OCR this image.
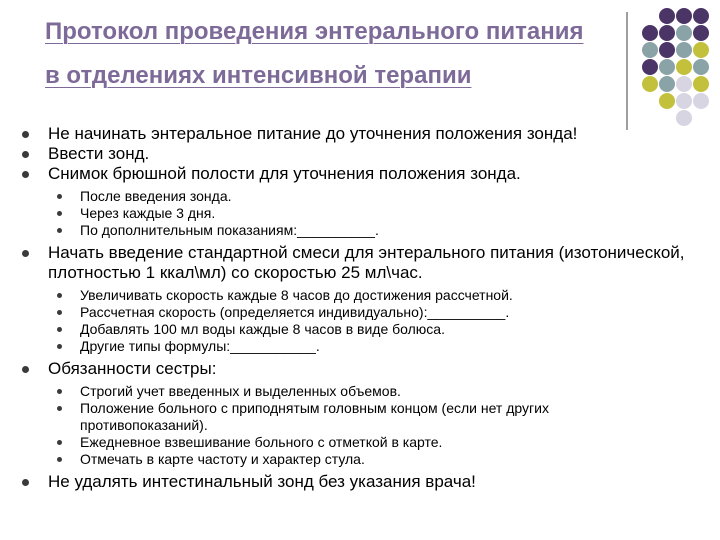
Протокол проведения энтерального питания в отделениях интенсивной терапии

Не начинать энтеральное питание до уточнения положения зонда!

Ввести зонд.

Снимок брюшной полости для уточнения положения зонда.

После введения зонда.

Через каждые 3 дня.

По дополнительным показаниям:__________.

Начать введение стандартной смеси для энтерального питания (изотонической, плотностью 1 ккал\мл) со скоростью 25 мл\час.

Увеличивать скорость каждые 8 часов до достижения рассчетной.

Рассчетная скорость (определяется индивидуально):__________.

Добавлять 100 мл воды каждые 8 часов в виде болюса.

Другие типы формулы:___________.

Обязанности сестры:

Строгий учет введенных и выделенных объемов.

Положение больного с приподнятым головным концом (если нет других противопоказаний).

Ежедневное взвешивание больного с отметкой в карте.

Отмечать в карте частоту и характер стула.

Не удалять интестинальный зонд без указания врача!
